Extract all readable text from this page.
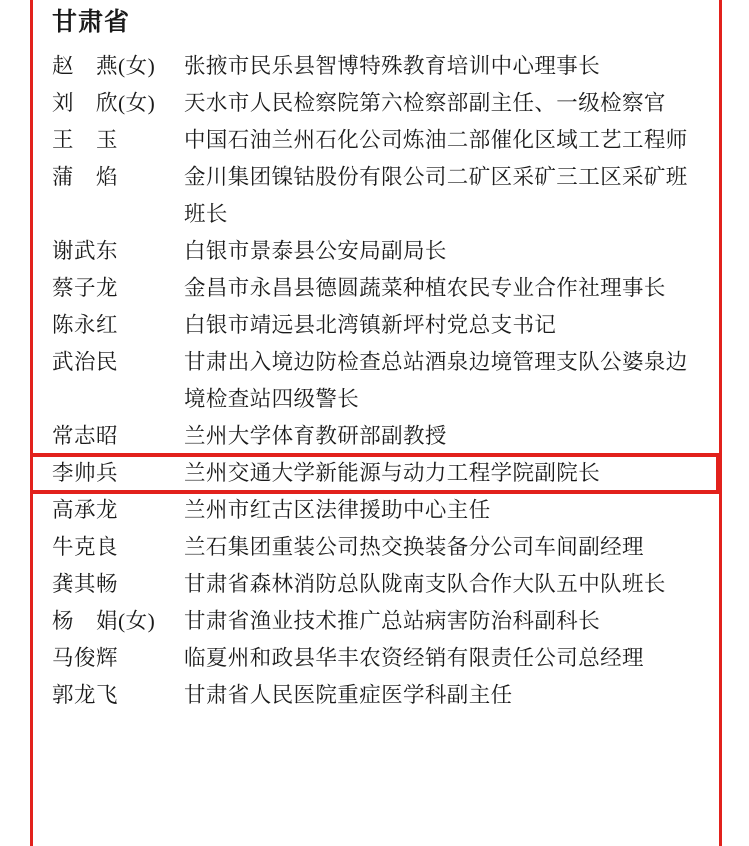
甘肃省
赵　燕(女)	张掖市民乐县智博特殊教育培训中心理事长
刘　欣(女)	天水市人民检察院第六检察部副主任、一级检察官
王　玉	中国石油兰州石化公司炼油二部催化区域工艺工程师
蒲　焰	金川集团镍钴股份有限公司二矿区采矿三工区采矿班班长
谢武东	白银市景泰县公安局副局长
蔡子龙	金昌市永昌县德圆蔬菜种植农民专业合作社理事长
陈永红	白银市靖远县北湾镇新坪村党总支书记
武治民	甘肃出入境边防检查总站酒泉边境管理支队公婆泉边境检查站四级警长
常志昭	兰州大学体育教研部副教授
李帅兵	兰州交通大学新能源与动力工程学院副院长
高承龙	兰州市红古区法律援助中心主任
牛克良	兰石集团重装公司热交换装备分公司车间副经理
龚其畅	甘肃省森林消防总队陇南支队合作大队五中队班长
杨　娟(女)	甘肃省渔业技术推广总站病害防治科副科长
马俊辉	临夏州和政县华丰农资经销有限责任公司总经理
郭龙飞	甘肃省人民医院重症医学科副主任
